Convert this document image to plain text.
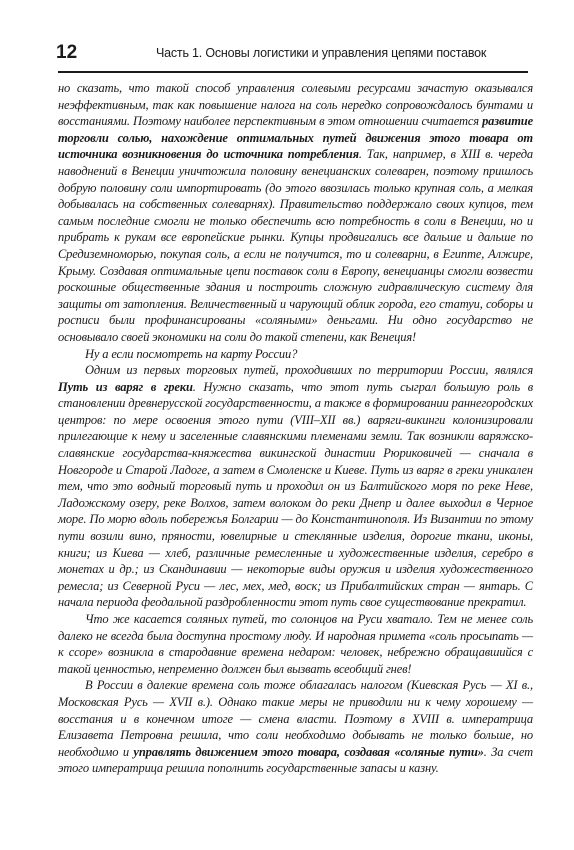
12	Часть 1. Основы логистики и управления цепями поставок

но сказать, что такой способ управления солевыми ресурсами зачастую оказывался неэффективным, так как повышение налога на соль нередко сопровождалось бунтами и восстаниями. Поэтому наиболее перспективным в этом отношении считается развитие торговли солью, нахождение оптимальных путей движения этого товара от источника возникновения до источника потребления. Так, например, в XIII в. череда наводнений в Венеции уничтожила половину венецианских солеварен, поэтому пришлось добрую половину соли импортировать (до этого ввозилась только крупная соль, а мелкая добывалась на собственных солеварнях). Правительство поддержало своих купцов, тем самым последние смогли не только обеспечить всю потребность в соли в Венеции, но и прибрать к рукам все европейские рынки. Купцы продвигались все дальше и дальше по Средиземноморью, покупая соль, а если не получится, то и солеварни, в Египте, Алжире, Крыму. Создавая оптимальные цепи поставок соли в Европу, венецианцы смогли возвести роскошные общественные здания и построить сложную гидравлическую систему для защиты от затопления. Величественный и чарующий облик города, его статуи, соборы и росписи были профинансированы «соляными» деньгами. Ни одно государство не основывало своей экономики на соли до такой степени, как Венеция!

Ну а если посмотреть на карту России?

Одним из первых торговых путей, проходивших по территории России, являлся Путь из варяг в греки. Нужно сказать, что этот путь сыграл большую роль в становлении древнерусской государственности, а также в формировании раннегородских центров: по мере освоения этого пути (VIII–XII вв.) варяги-викинги колонизировали прилегающие к нему и заселенные славянскими племенами земли. Так возникли варяжско-славянские государства-княжества викингской династии Рюриковичей — сначала в Новгороде и Старой Ладоге, а затем в Смоленске и Киеве. Путь из варяг в греки уникален тем, что это водный торговый путь и проходил он из Балтийского моря по реке Неве, Ладожскому озеру, реке Волхов, затем волоком до реки Днепр и далее выходил в Черное море. По морю вдоль побережья Болгарии — до Константинополя. Из Византии по этому пути возили вино, пряности, ювелирные и стеклянные изделия, дорогие ткани, иконы, книги; из Киева — хлеб, различные ремесленные и художественные изделия, серебро в монетах и др.; из Скандинавии — некоторые виды оружия и изделия художественного ремесла; из Северной Руси — лес, мех, мед, воск; из Прибалтийских стран — янтарь. С начала периода феодальной раздробленности этот путь свое существование прекратил.

Что же касается соляных путей, то солонцов на Руси хватало. Тем не менее соль далеко не всегда была доступна простому люду. И народная примета «соль просыпать — к ссоре» возникла в стародавние времена недаром: человек, небрежно обращавшийся с такой ценностью, непременно должен был вызвать всеобщий гнев!

В России в далекие времена соль тоже облагалась налогом (Киевская Русь — XI в., Московская Русь — XVII в.). Однако такие меры не приводили ни к чему хорошему — восстания и в конечном итоге — смена власти. Поэтому в XVIII в. императрица Елизавета Петровна решила, что соли необходимо добывать не только больше, но необходимо и управлять движением этого товара, создавая «соляные пути». За счет этого императрица решила пополнить государственные запасы и казну.
